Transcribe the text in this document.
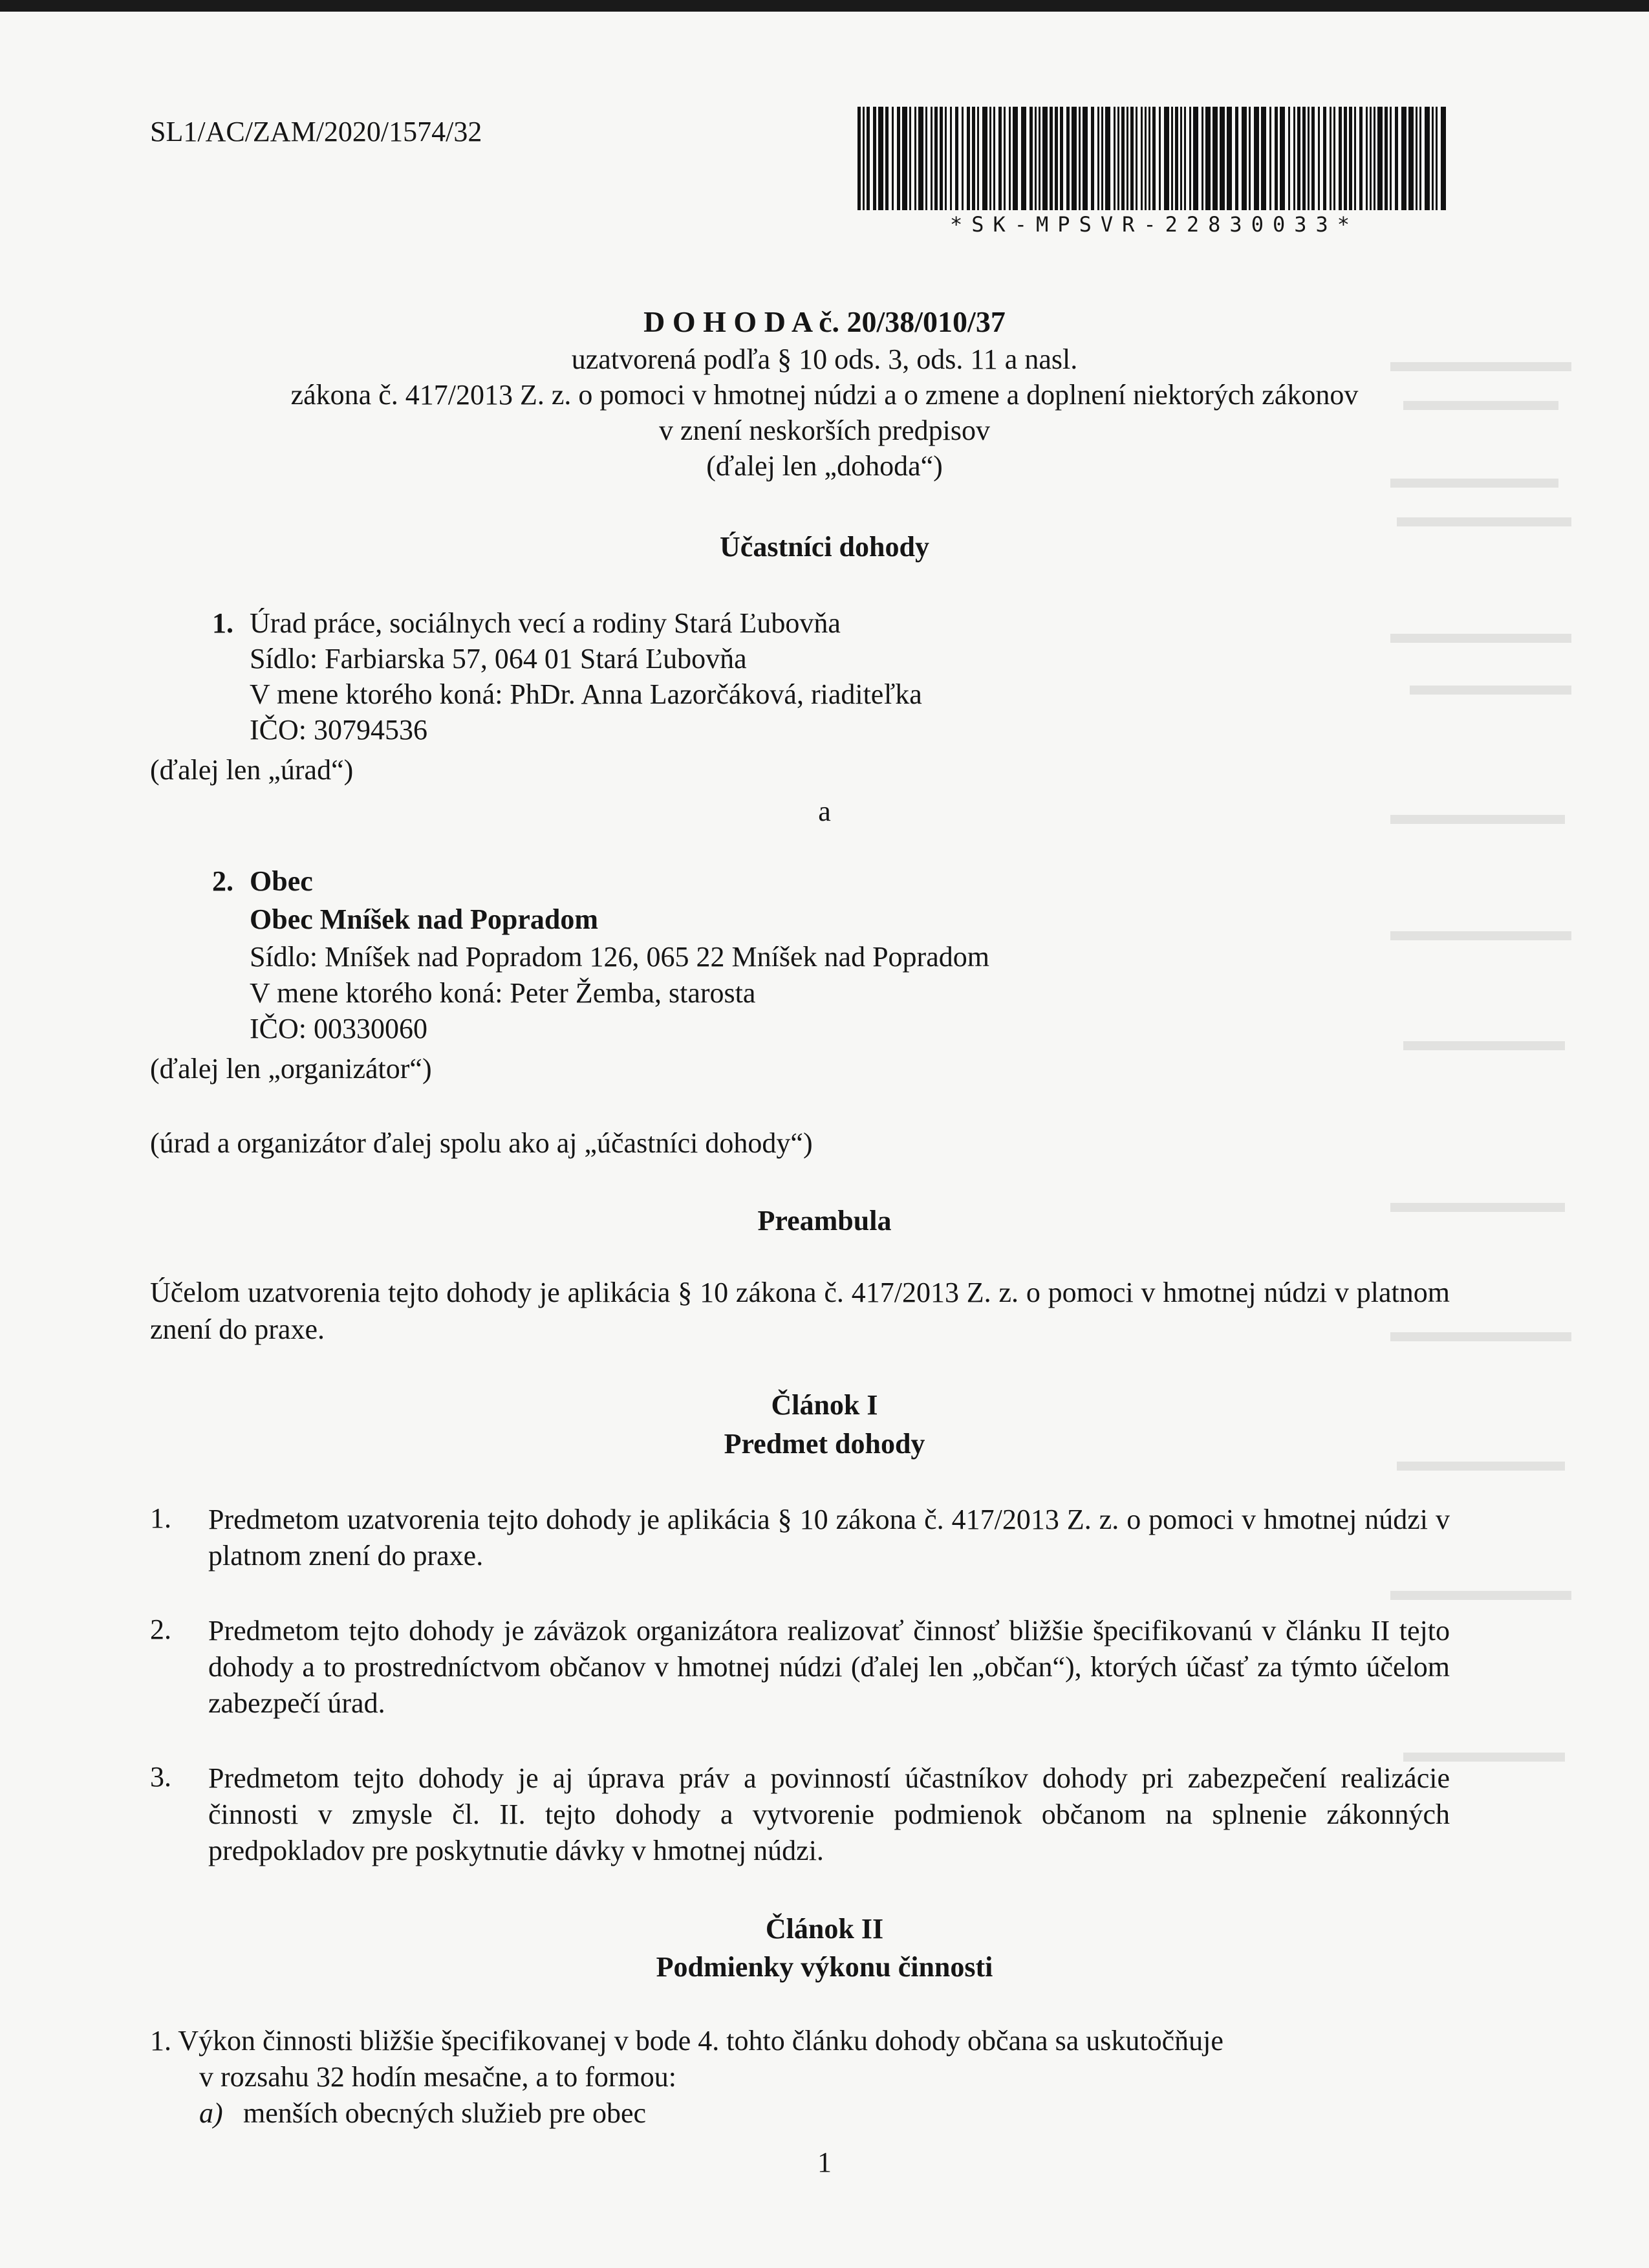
SL1/AC/ZAM/2020/1574/32
*SK-MPSVR-22830033*
D O H O D A č. 20/38/010/37
uzatvorená podľa § 10 ods. 3, ods. 11 a nasl.
zákona č. 417/2013 Z. z. o pomoci v hmotnej núdzi a o zmene a doplnení niektorých zákonov
v znení neskorších predpisov
(ďalej len „dohoda“)
Účastníci dohody
1. Úrad práce, sociálnych vecí a rodiny Stará Ľubovňa
Sídlo: Farbiarska 57, 064 01 Stará Ľubovňa
V mene ktorého koná: PhDr. Anna Lazorčáková, riaditeľka
IČO: 30794536
(ďalej len „úrad“)
a
2. Obec
Obec Mníšek nad Popradom
Sídlo: Mníšek nad Popradom 126, 065 22 Mníšek nad Popradom
V mene ktorého koná: Peter Žemba, starosta
IČO: 00330060
(ďalej len „organizátor“)
(úrad a organizátor ďalej spolu ako aj „účastníci dohody“)
Preambula
Účelom uzatvorenia tejto dohody je aplikácia § 10 zákona č. 417/2013 Z. z. o pomoci v hmotnej núdzi v platnom znení do praxe.
Článok I
Predmet dohody
1. Predmetom uzatvorenia tejto dohody je aplikácia § 10 zákona č. 417/2013 Z. z. o pomoci v hmotnej núdzi v platnom znení do praxe.
2. Predmetom tejto dohody je záväzok organizátora realizovať činnosť bližšie špecifikovanú v článku II tejto dohody a to prostredníctvom občanov v hmotnej núdzi (ďalej len „občan“), ktorých účasť za týmto účelom zabezpečí úrad.
3. Predmetom tejto dohody je aj úprava práv a povinností účastníkov dohody pri zabezpečení realizácie činnosti v zmysle čl. II. tejto dohody a vytvorenie podmienok občanom na splnenie zákonných predpokladov pre poskytnutie dávky v hmotnej núdzi.
Článok II
Podmienky výkonu činnosti
1. Výkon činnosti bližšie špecifikovanej v bode 4. tohto článku dohody občana sa uskutočňuje
v rozsahu 32 hodín mesačne, a to formou:
a) menších obecných služieb pre obec
1
